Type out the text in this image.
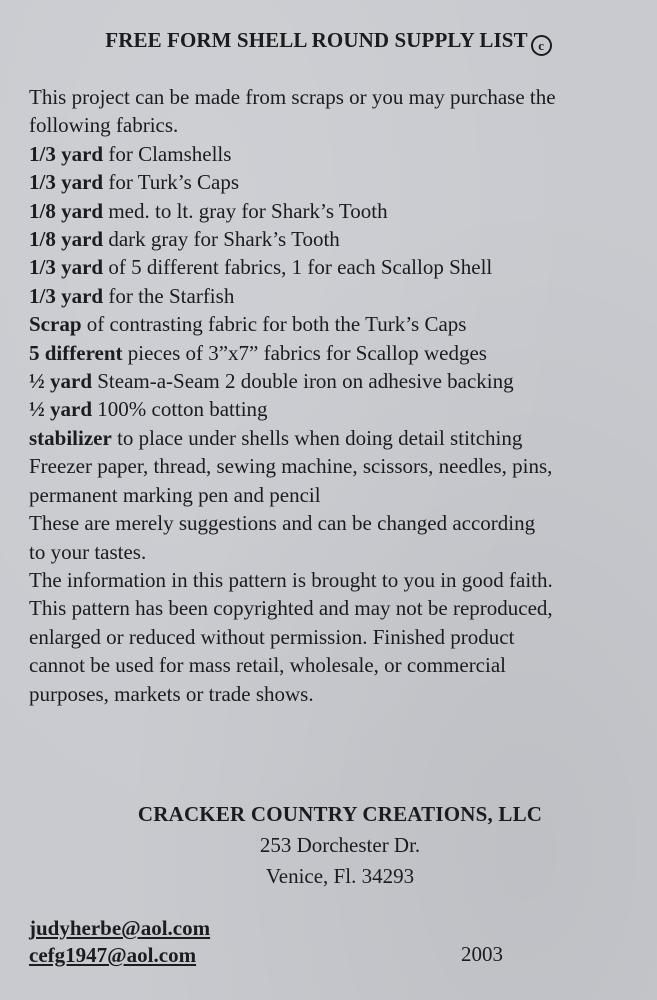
FREE FORM SHELL ROUND SUPPLY LIST c
This project can be made from scraps or you may purchase the
following fabrics.
1/3 yard for Clamshells
1/3 yard for Turk’s Caps
1/8 yard med. to lt. gray for Shark’s Tooth
1/8 yard dark gray for Shark’s Tooth
1/3 yard of 5 different fabrics, 1 for each Scallop Shell
1/3 yard for the Starfish
Scrap of contrasting fabric for both the Turk’s Caps
5 different pieces of 3”x7” fabrics for Scallop wedges
½ yard Steam-a-Seam 2 double iron on adhesive backing
½ yard 100% cotton batting
stabilizer to place under shells when doing detail stitching
Freezer paper, thread, sewing machine, scissors, needles, pins,
permanent marking pen and pencil
These are merely suggestions and can be changed according
to your tastes.
The information in this pattern is brought to you in good faith.
This pattern has been copyrighted and may not be reproduced,
enlarged or reduced without permission. Finished product
cannot be used for mass retail, wholesale, or commercial
purposes, markets or trade shows.
CRACKER COUNTRY CREATIONS, LLC
253 Dorchester Dr.
Venice, Fl. 34293
judyherbe@aol.com
cefg1947@aol.com	2003
